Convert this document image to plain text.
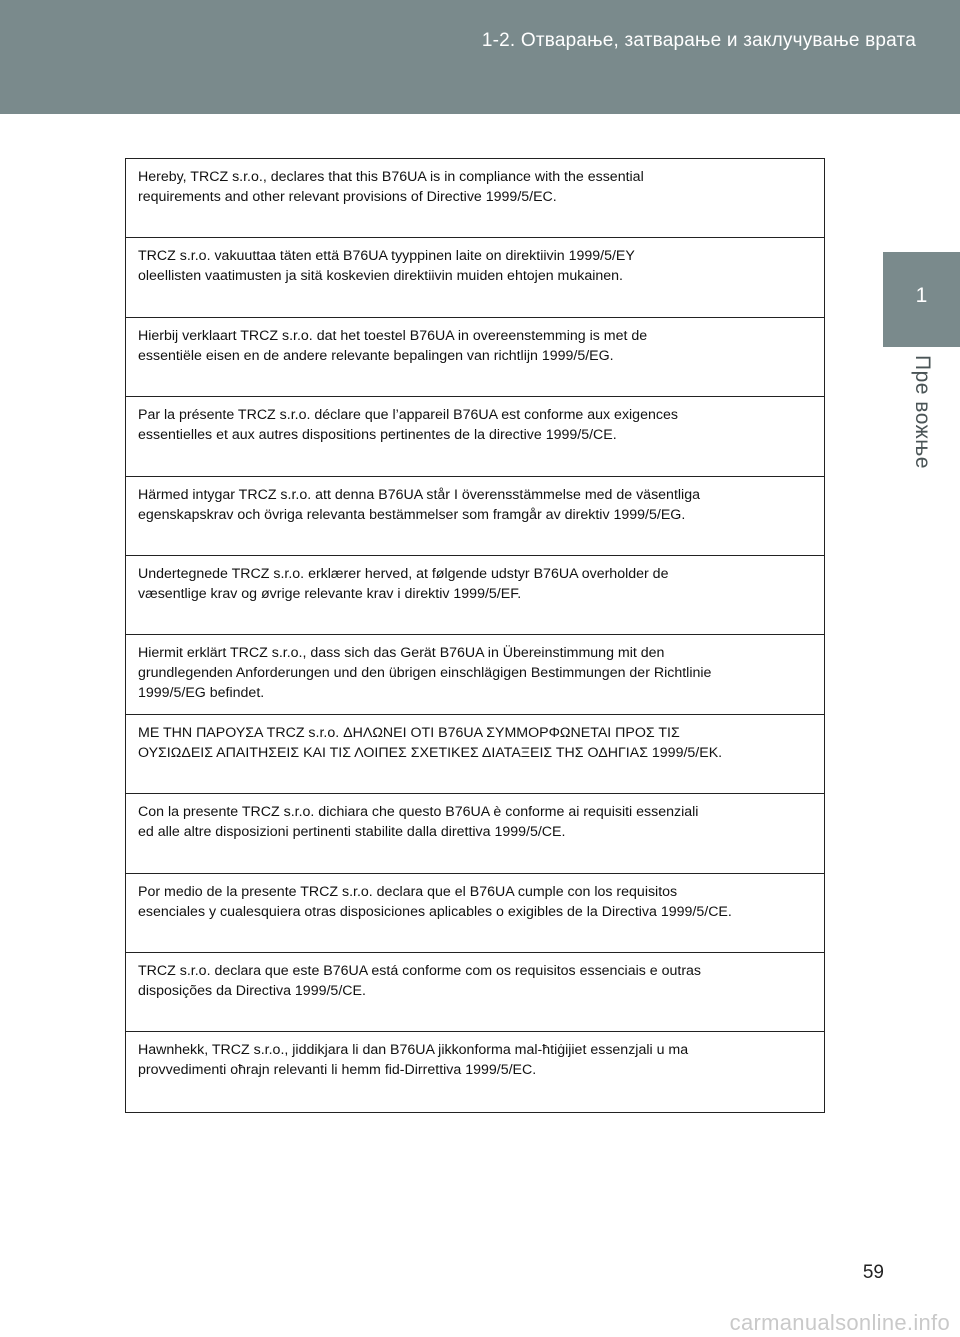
1-2. Отварање, затварање и заклучување врата
1
Пре вожње
Hereby, TRCZ s.r.o., declares that this B76UA is in compliance with the essential
requirements and other relevant provisions of Directive 1999/5/EC.
TRCZ s.r.o. vakuuttaa täten että B76UA tyyppinen laite on direktiivin 1999/5/EY
oleellisten vaatimusten ja sitä koskevien direktiivin muiden ehtojen mukainen.
Hierbij verklaart TRCZ s.r.o. dat het toestel B76UA in overeenstemming is met de
essentiële eisen en de andere relevante bepalingen van richtlijn 1999/5/EG.
Par la présente TRCZ s.r.o. déclare que l’appareil B76UA est conforme aux exigences
essentielles et aux autres dispositions pertinentes de la directive 1999/5/CE.
Härmed intygar TRCZ s.r.o. att denna B76UA står I överensstämmelse med de väsentliga
egenskapskrav och övriga relevanta bestämmelser som framgår av direktiv 1999/5/EG.
Undertegnede TRCZ s.r.o. erklærer herved, at følgende udstyr B76UA overholder de
væsentlige krav og øvrige relevante krav i direktiv 1999/5/EF.
Hiermit erklärt TRCZ s.r.o., dass sich das Gerät B76UA in Übereinstimmung mit den
grundlegenden Anforderungen und den übrigen einschlägigen Bestimmungen der Richtlinie
1999/5/EG befindet.
ΜΕ ΤΗΝ ΠΑΡΟΥΣΑ TRCZ s.r.o. ΔΗΛΩΝΕΙ ΟΤΙ B76UA ΣΥΜΜΟΡΦΩΝΕΤΑΙ ΠΡΟΣ ΤΙΣ
ΟΥΣΙΩΔΕΙΣ ΑΠΑΙΤΗΣΕΙΣ ΚΑΙ ΤΙΣ ΛΟΙΠΕΣ ΣΧΕΤΙΚΕΣ ΔΙΑΤΑΞΕΙΣ ΤΗΣ ΟΔΗΓΙΑΣ 1999/5/ΕΚ.
Con la presente TRCZ s.r.o. dichiara che questo B76UA è conforme ai requisiti essenziali
ed alle altre disposizioni pertinenti stabilite dalla direttiva 1999/5/CE.
Por medio de la presente TRCZ s.r.o. declara que el B76UA cumple con los requisitos
esenciales y cualesquiera otras disposiciones aplicables o exigibles de la Directiva 1999/5/CE.
TRCZ s.r.o. declara que este B76UA está conforme com os requisitos essenciais e outras
disposições da Directiva 1999/5/CE.
Hawnhekk, TRCZ s.r.o., jiddikjara li dan B76UA jikkonforma mal-ħtiġijiet essenzjali u ma
provvedimenti oħrajn relevanti li hemm fid-Dirrettiva 1999/5/EC.
59
carmanualsonline.info
